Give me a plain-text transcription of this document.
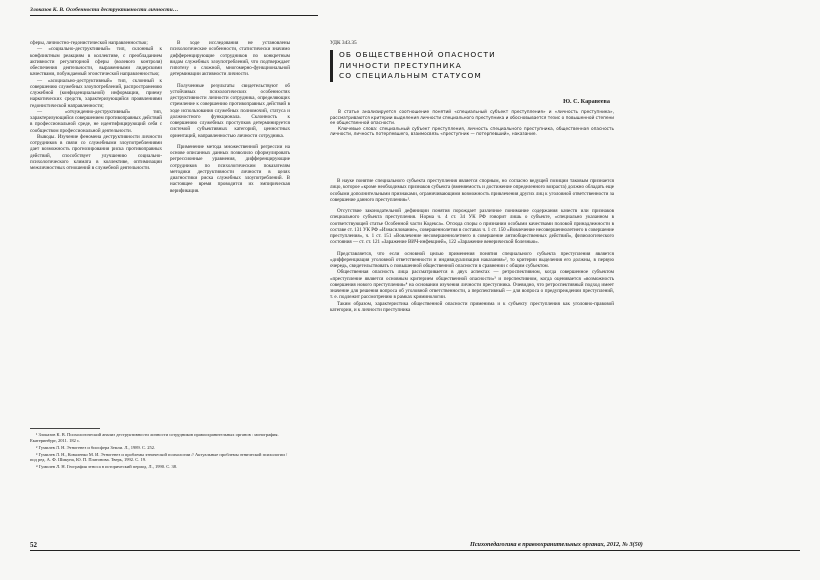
Злоказов К. В. Особенности деструктивности личности…

сферы, личностно-гедонистической направленностью;

— «социально-деструктивный» тип, склонный к конфликтным реакциям в коллективе, с преобладанием активности регуляторной сферы (волевого контроля) обеспечения деятельности, выраженными лидерскими качествами, побуждаемый эгоистической направленностью;

— «асоциально-деструктивный» тип, склонный к совершению служебных злоупотреблений, распространению служебной (конфиденциальной) информации, приему наркотических средств, характеризующийся проявлениями гедонистической направленности;

— «отчужденно-деструктивный» тип, характеризующийся совершением противоправных действий в профессиональной среде, не идентифицирующий себя с сообществом профессиональной деятельности.

Выводы. Изучение феномена деструктивности личности сотрудников в связи со служебными злоупотреблениями дает возможность прогнозирования риска противоправных действий, способствует улучшению социально-психологического климата в коллективе, оптимизации межличностных отношений в служебной деятельности.

В ходе исследования не установлены психологические особенности, статистически значимо дифференцирующие сотрудников по конкретным видам служебных злоупотреблений, что подтверждает гипотезу о сложной, многомерно-функциональной детерминации активности личности.

Полученные результаты свидетельствуют об устойчивых психологических особенностях деструктивности личности сотрудника, определяющих стремление к совершению противоправных действий в ходе использования служебных полномочий, статуса и должностного функционала. Склонность к совершению служебных проступков детерминируется системой субъективных категорий, ценностных ориентаций, направленностью личности сотрудника.

Применение метода множественной регрессии на основе описанных данных позволило сформулировать регрессионные уравнения, дифференцирующие сотрудников по психологическим показателям методики деструктивности личности в целях диагностики риска служебных злоупотреблений. В настоящее время проводится их эмпирическая верификация.

¹ Злоказов К. В. Психологический анализ деструктивности личности сотрудников правоохранительных органов : монография. Екатеринбург, 2011. 182 с.

² Гумилев Л. Н. Этногенез и биосфера Земли. Л., 1989. С. 252.

³ Гумилев Л. Н., Коваленко М. И. Этногенез и проблемы этнической психологии // Актуальные проблемы этнической психологии / под ред. А. Ф. Шикуна, Ю. П. Платонова. Тверь, 1992. С. 19.

⁴ Гумилев Л. Н. География этноса в исторический период. Л., 1990. С. 38.

УДК 343.35
ОБ ОБЩЕСТВЕННОЙ ОПАСНОСТИ
ЛИЧНОСТИ ПРЕСТУПНИКА
СО СПЕЦИАЛЬНЫМ СТАТУСОМ
Ю. С. Каравеева

В статье анализируется соотношение понятий «специальный субъект преступления» и «личность преступника», рассматриваются критерии выделения личности специального преступника и обосновывается тезис о повышенной степени ее общественной опасности.

Ключевые слова: специальный субъект преступления, личность специального преступника, общественная опасность личности, личность потерпевшего, взаимосвязь «преступник — потерпевший», наказание.

В науке понятие специального субъекта преступления является спорным, но согласно ведущей позиции таковым признается лицо, которое «кроме необходимых признаков субъекта (вменяемость и достижение определенного возраста) должно обладать еще особыми дополнительными признаками, ограничивающими возможность привлечения других лиц к уголовной ответственности за совершение данного преступления»¹.

Отсутствие законодательной дефиниции понятия порождает различное понимание содержания качеств или признаков специального субъекта преступления. Норма ч. 4 ст. 34 УК РФ говорит лишь о субъекте, «специально указанном в соответствующей статье Особенной части Кодекса». Отсюда споры о признании особыми качествами половой принадлежности в составе ст. 131 УК РФ «Изнасилование», совершеннолетия в составах ч. 1 ст. 150 «Вовлечение несовершеннолетнего в совершение преступления», ч. 1 ст. 151 «Вовлечение несовершеннолетнего в совершение антиобщественных действий», физиологического состояния — ст. ст. 121 «Заражение ВИЧ-инфекцией», 122 «Заражение венерической болезнью».

Представляется, что если основной целью применения понятия специального субъекта преступления является «дифференциация уголовной ответственности и индивидуализация наказания»², то критерии выделения его должны, в первую очередь, свидетельствовать о повышенной общественной опасности в сравнении с общим субъектом.

Общественная опасность лица рассматривается в двух аспектах — ретроспективном, когда совершенное субъектом «преступление является основным критерием общественной опасности»³ и перспективном, когда оценивается «возможность совершения нового преступления»⁴ на основании изучения личности преступника. Очевидно, что ретроспективный подход имеет значение для решения вопроса об уголовной ответственности, а перспективный — для вопроса о предупреждении преступлений, т. е. подлежит рассмотрению в рамках криминологии.

Таким образом, характеристика общественной опасности применима и к субъекту преступления как уголовно-правовой категории, и к личности преступника

52	Психопедагогика в правоохранительных органах, 2012, № 3(50)
